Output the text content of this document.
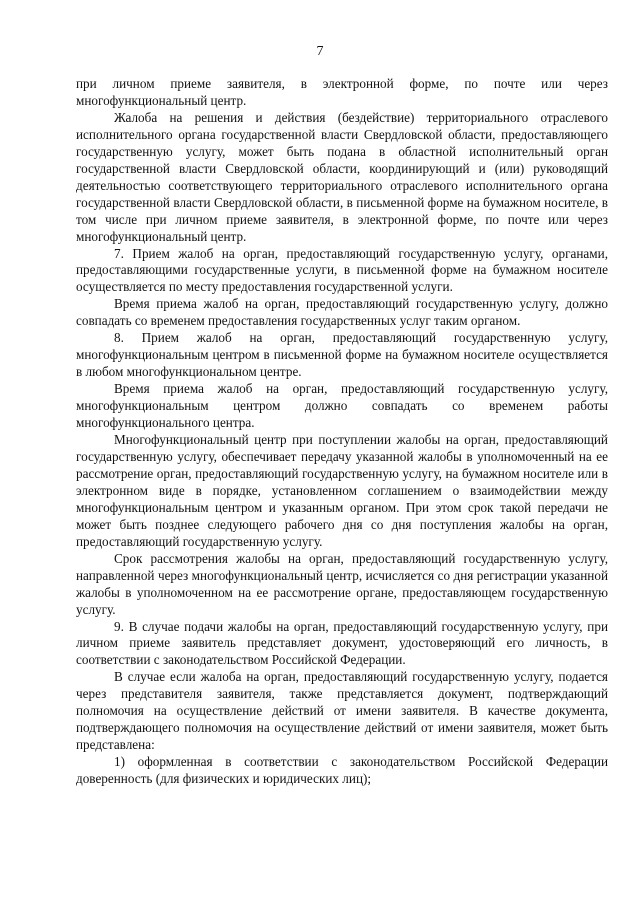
7

при личном приеме заявителя, в электронной форме, по почте или через многофункциональный центр.

Жалоба на решения и действия (бездействие) территориального отраслевого исполнительного органа государственной власти Свердловской области, предоставляющего государственную услугу, может быть подана в областной исполнительный орган государственной власти Свердловской области, координирующий и (или) руководящий деятельностью соответствующего территориального отраслевого исполнительного органа государственной власти Свердловской области, в письменной форме на бумажном носителе, в том числе при личном приеме заявителя, в электронной форме, по почте или через многофункциональный центр.

7. Прием жалоб на орган, предоставляющий государственную услугу, органами, предоставляющими государственные услуги, в письменной форме на бумажном носителе осуществляется по месту предоставления государственной услуги.

Время приема жалоб на орган, предоставляющий государственную услугу, должно совпадать со временем предоставления государственных услуг таким органом.

8. Прием жалоб на орган, предоставляющий государственную услугу, многофункциональным центром в письменной форме на бумажном носителе осуществляется в любом многофункциональном центре.

Время приема жалоб на орган, предоставляющий государственную услугу, многофункциональным центром должно совпадать со временем работы многофункционального центра.

Многофункциональный центр при поступлении жалобы на орган, предоставляющий государственную услугу, обеспечивает передачу указанной жалобы в уполномоченный на ее рассмотрение орган, предоставляющий государственную услугу, на бумажном носителе или в электронном виде в порядке, установленном соглашением о взаимодействии между многофункциональным центром и указанным органом. При этом срок такой передачи не может быть позднее следующего рабочего дня со дня поступления жалобы на орган, предоставляющий государственную услугу.

Срок рассмотрения жалобы на орган, предоставляющий государственную услугу, направленной через многофункциональный центр, исчисляется со дня регистрации указанной жалобы в уполномоченном на ее рассмотрение органе, предоставляющем государственную услугу.

9. В случае подачи жалобы на орган, предоставляющий государственную услугу, при личном приеме заявитель представляет документ, удостоверяющий его личность, в соответствии с законодательством Российской Федерации.

В случае если жалоба на орган, предоставляющий государственную услугу, подается через представителя заявителя, также представляется документ, подтверждающий полномочия на осуществление действий от имени заявителя. В качестве документа, подтверждающего полномочия на осуществление действий от имени заявителя, может быть представлена:

1) оформленная в соответствии с законодательством Российской Федерации доверенность (для физических и юридических лиц);
